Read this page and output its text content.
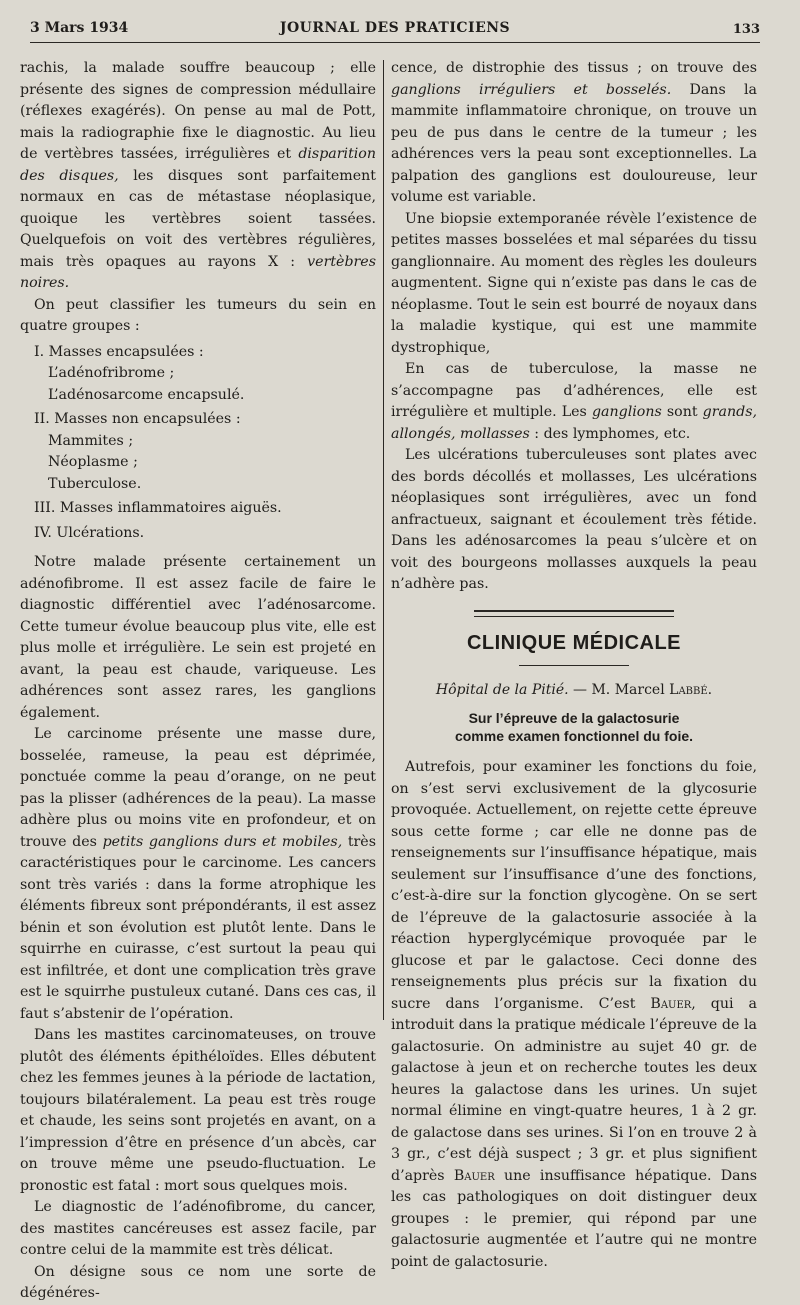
3 Mars 1934	JOURNAL DES PRATICIENS	133

rachis, la malade souffre beaucoup ; elle présente des signes de compression médullaire (réflexes exagérés). On pense au mal de Pott, mais la radiographie fixe le diagnostic. Au lieu de vertèbres tassées, irrégulières et disparition des disques, les disques sont parfaitement normaux en cas de métastase néoplasique, quoique les vertèbres soient tassées. Quelquefois on voit des vertèbres régulières, mais très opaques au rayons X : vertèbres noires.

On peut classifier les tumeurs du sein en quatre groupes :

I. Masses encapsulées :
L’adénofribrome ;
L’adénosarcome encapsulé.
II. Masses non encapsulées :
Mammites ;
Néoplasme ;
Tuberculose.
III. Masses inflammatoires aiguës.
IV. Ulcérations.

Notre malade présente certainement un adénofibrome. Il est assez facile de faire le diagnostic différentiel avec l’adénosarcome. Cette tumeur évolue beaucoup plus vite, elle est plus molle et irrégulière. Le sein est projeté en avant, la peau est chaude, variqueuse. Les adhérences sont assez rares, les ganglions également.

Le carcinome présente une masse dure, bosselée, rameuse, la peau est déprimée, ponctuée comme la peau d’orange, on ne peut pas la plisser (adhérences de la peau). La masse adhère plus ou moins vite en profondeur, et on trouve des petits ganglions durs et mobiles, très caractéristiques pour le carcinome. Les cancers sont très variés : dans la forme atrophique les éléments fibreux sont prépondérants, il est assez bénin et son évolution est plutôt lente. Dans le squirrhe en cuirasse, c’est surtout la peau qui est infiltrée, et dont une complication très grave est le squirrhe pustuleux cutané. Dans ces cas, il faut s’abstenir de l’opération.

Dans les mastites carcinomateuses, on trouve plutôt des éléments épithéloïdes. Elles débutent chez les femmes jeunes à la période de lactation, toujours bilatéralement. La peau est très rouge et chaude, les seins sont projetés en avant, on a l’impression d’être en présence d’un abcès, car on trouve même une pseudo-fluctuation. Le pronostic est fatal : mort sous quelques mois.

Le diagnostic de l’adénofibrome, du cancer, des mastites cancéreuses est assez facile, par contre celui de la mammite est très délicat.

On désigne sous ce nom une sorte de dégénéres-

cence, de distrophie des tissus ; on trouve des ganglions irréguliers et bosselés. Dans la mammite inflammatoire chronique, on trouve un peu de pus dans le centre de la tumeur ; les adhérences vers la peau sont exceptionnelles. La palpation des ganglions est douloureuse, leur volume est variable.

Une biopsie extemporanée révèle l’existence de petites masses bosselées et mal séparées du tissu ganglionnaire. Au moment des règles les douleurs augmentent. Signe qui n’existe pas dans le cas de néoplasme. Tout le sein est bourré de noyaux dans la maladie kystique, qui est une mammite dystrophique,

En cas de tuberculose, la masse ne s’accompagne pas d’adhérences, elle est irrégulière et multiple. Les ganglions sont grands, allongés, mollasses : des lymphomes, etc.

Les ulcérations tuberculeuses sont plates avec des bords décollés et mollasses, Les ulcérations néoplasiques sont irrégulières, avec un fond anfractueux, saignant et écoulement très fétide. Dans les adénosarcomes la peau s’ulcère et on voit des bourgeons mollasses auxquels la peau n’adhère pas.

CLINIQUE MÉDICALE
Hôpital de la Pitié. — M. Marcel Labbé.
Sur l’épreuve de la galactosurie
comme examen fonctionnel du foie.

Autrefois, pour examiner les fonctions du foie, on s’est servi exclusivement de la glycosurie provoquée. Actuellement, on rejette cette épreuve sous cette forme ; car elle ne donne pas de renseignements sur l’insuffisance hépatique, mais seulement sur l’insuffisance d’une des fonctions, c’est-à-dire sur la fonction glycogène. On se sert de l’épreuve de la galactosurie associée à la réaction hyperglycémique provoquée par le glucose et par le galactose. Ceci donne des renseignements plus précis sur la fixation du sucre dans l’organisme. C’est Bauer, qui a introduit dans la pratique médicale l’épreuve de la galactosurie. On administre au sujet 40 gr. de galactose à jeun et on recherche toutes les deux heures la galactose dans les urines. Un sujet normal élimine en vingt-quatre heures, 1 à 2 gr. de galactose dans ses urines. Si l’on en trouve 2 à 3 gr., c’est déjà suspect ; 3 gr. et plus signifient d’après Bauer une insuffisance hépatique. Dans les cas pathologiques on doit distinguer deux groupes : le premier, qui répond par une galactosurie augmentée et l’autre qui ne montre point de galactosurie.
